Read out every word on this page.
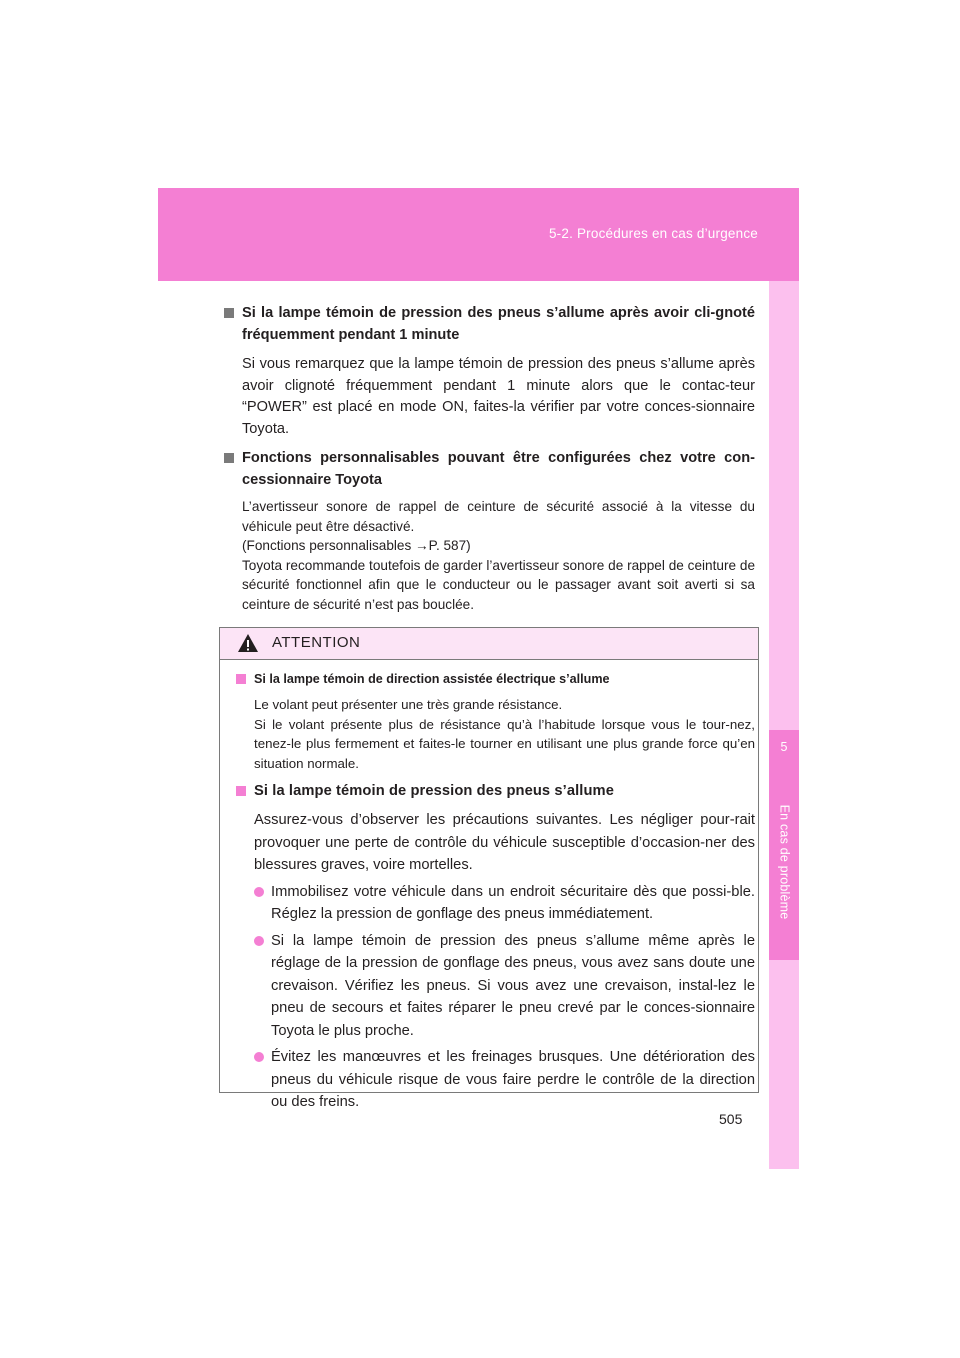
5-2. Procédures en cas d’urgence
5
En cas de problème
Si la lampe témoin de pression des pneus s’allume après avoir cli-gnoté fréquemment pendant 1 minute
Si vous remarquez que la lampe témoin de pression des pneus s’allume après avoir clignoté fréquemment pendant 1 minute alors que le contac-teur “POWER” est placé en mode ON, faites-la vérifier par votre conces-sionnaire Toyota.
Fonctions personnalisables pouvant être configurées chez votre con-cessionnaire Toyota

L’avertisseur sonore de rappel de ceinture de sécurité associé à la vitesse du véhicule peut être désactivé.

(Fonctions personnalisables →P. 587)

Toyota recommande toutefois de garder l’avertisseur sonore de rappel de ceinture de sécurité fonctionnel afin que le conducteur ou le passager avant soit averti si sa ceinture de sécurité n’est pas bouclée.

ATTENTION
Si la lampe témoin de direction assistée électrique s’allume

Le volant peut présenter une très grande résistance.

Si le volant présente plus de résistance qu’à l’habitude lorsque vous le tour-nez, tenez-le plus fermement et faites-le tourner en utilisant une plus grande force qu’en situation normale.

Si la lampe témoin de pression des pneus s’allume
Assurez-vous d’observer les précautions suivantes. Les négliger pour-rait provoquer une perte de contrôle du véhicule susceptible d’occasion-ner des blessures graves, voire mortelles.
Immobilisez votre véhicule dans un endroit sécuritaire dès que possi-ble. Réglez la pression de gonflage des pneus immédiatement.
Si la lampe témoin de pression des pneus s’allume même après le réglage de la pression de gonflage des pneus, vous avez sans doute une crevaison. Vérifiez les pneus. Si vous avez une crevaison, instal-lez le pneu de secours et faites réparer le pneu crevé par le conces-sionnaire Toyota le plus proche.
Évitez les manœuvres et les freinages brusques. Une détérioration des pneus du véhicule risque de vous faire perdre le contrôle de la direction ou des freins.
505
